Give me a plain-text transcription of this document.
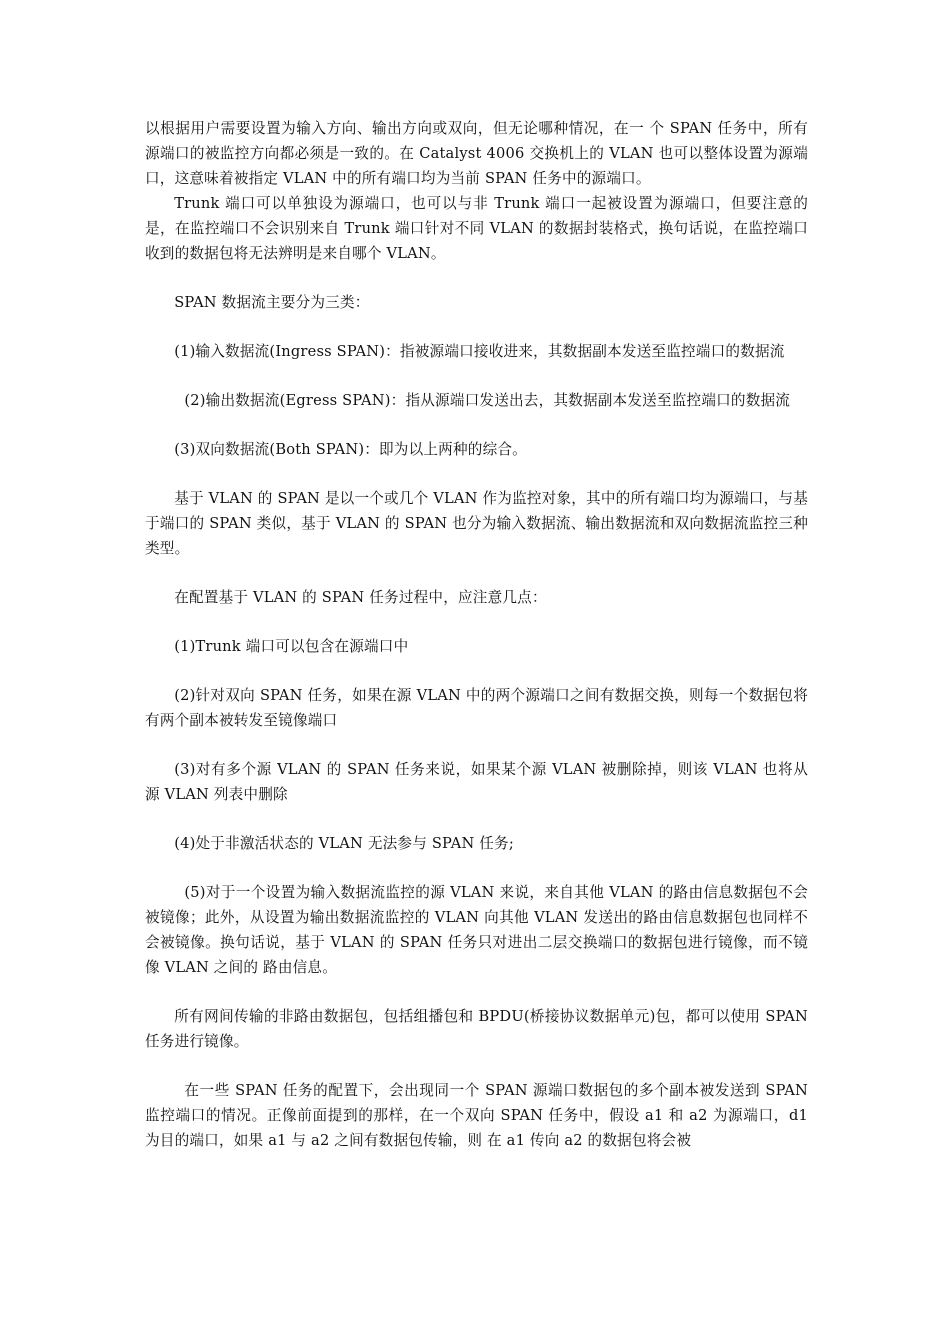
以根据用户需要设置为输入方向、输出方向或双向，但无论哪种情况，在一 个 SPAN 任务中，所有源端口的被监控方向都必须是一致的。在 Catalyst 4006 交换机上的 VLAN 也可以整体设置为源端口，这意味着被指定 VLAN 中的所有端口均为当前 SPAN 任务中的源端口。

Trunk 端口可以单独设为源端口，也可以与非 Trunk 端口一起被设置为源端口，但要注意的是，在监控端口不会识别来自 Trunk 端口针对不同 VLAN 的数据封装格式，换句话说，在监控端口收到的数据包将无法辨明是来自哪个 VLAN。

SPAN 数据流主要分为三类：

(1)输入数据流(Ingress SPAN)：指被源端口接收进来，其数据副本发送至监控端口的数据流

(2)输出数据流(Egress SPAN)：指从源端口发送出去，其数据副本发送至监控端口的数据流

(3)双向数据流(Both SPAN)：即为以上两种的综合。

基于 VLAN 的 SPAN 是以一个或几个 VLAN 作为监控对象，其中的所有端口均为源端口，与基于端口的 SPAN 类似，基于 VLAN 的 SPAN 也分为输入数据流、输出数据流和双向数据流监控三种类型。

在配置基于 VLAN 的 SPAN 任务过程中，应注意几点：

(1)Trunk 端口可以包含在源端口中

(2)针对双向 SPAN 任务，如果在源 VLAN 中的两个源端口之间有数据交换，则每一个数据包将有两个副本被转发至镜像端口

(3)对有多个源 VLAN 的 SPAN 任务来说，如果某个源 VLAN 被删除掉，则该 VLAN 也将从源 VLAN 列表中删除

(4)处于非激活状态的 VLAN 无法参与 SPAN 任务;

(5)对于一个设置为输入数据流监控的源 VLAN 来说，来自其他 VLAN 的路由信息数据包不会被镜像；此外，从设置为输出数据流监控的 VLAN 向其他 VLAN 发送出的路由信息数据包也同样不会被镜像。换句话说，基于 VLAN 的 SPAN 任务只对进出二层交换端口的数据包进行镜像，而不镜像 VLAN 之间的 路由信息。

所有网间传输的非路由数据包，包括组播包和 BPDU(桥接协议数据单元)包，都可以使用 SPAN 任务进行镜像。

在一些 SPAN 任务的配置下，会出现同一个 SPAN 源端口数据包的多个副本被发送到 SPAN 监控端口的情况。正像前面提到的那样，在一个双向 SPAN 任务中，假设 a1 和 a2 为源端口，d1 为目的端口，如果 a1 与 a2 之间有数据包传输，则 在 a1 传向 a2 的数据包将会被
